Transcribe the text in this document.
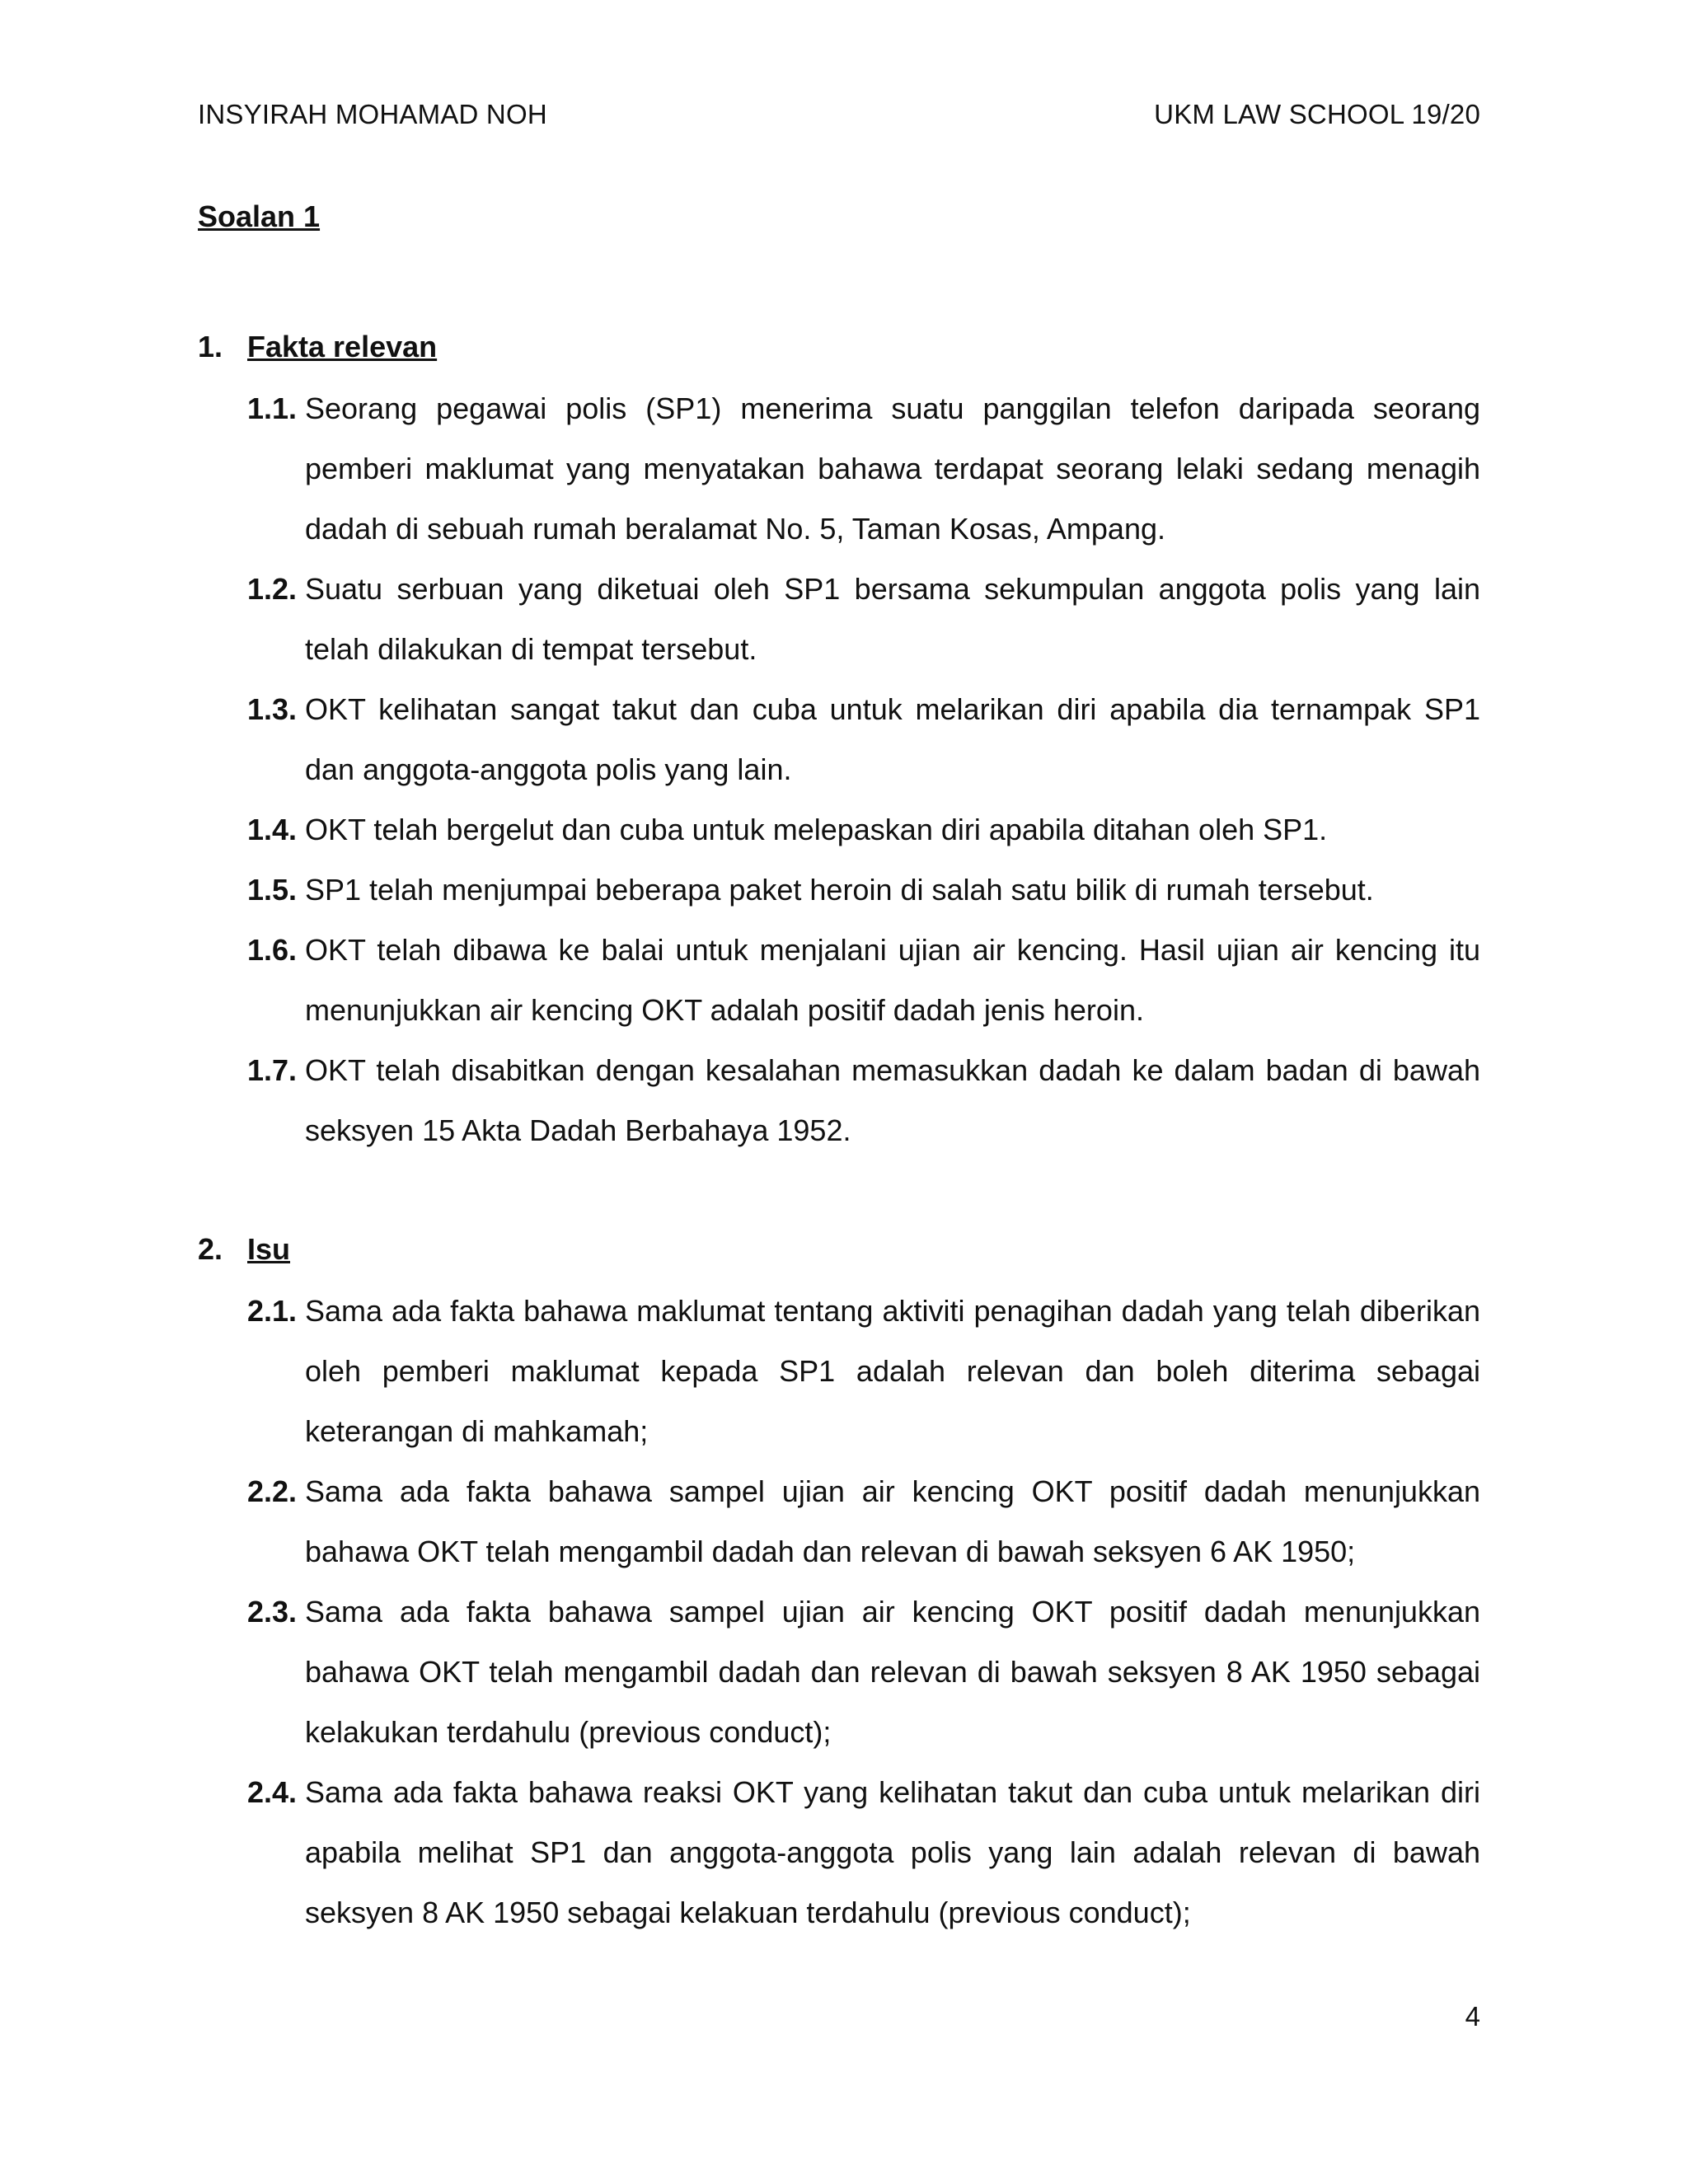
INSYIRAH MOHAMAD NOH	UKM LAW SCHOOL 19/20
Soalan 1
1. Fakta relevan
1.1. Seorang pegawai polis (SP1) menerima suatu panggilan telefon daripada seorang pemberi maklumat yang menyatakan bahawa terdapat seorang lelaki sedang menagih dadah di sebuah rumah beralamat No. 5, Taman Kosas, Ampang.
1.2. Suatu serbuan yang diketuai oleh SP1 bersama sekumpulan anggota polis yang lain telah dilakukan di tempat tersebut.
1.3. OKT kelihatan sangat takut dan cuba untuk melarikan diri apabila dia ternampak SP1 dan anggota-anggota polis yang lain.
1.4. OKT telah bergelut dan cuba untuk melepaskan diri apabila ditahan oleh SP1.
1.5. SP1 telah menjumpai beberapa paket heroin di salah satu bilik di rumah tersebut.
1.6. OKT telah dibawa ke balai untuk menjalani ujian air kencing. Hasil ujian air kencing itu menunjukkan air kencing OKT adalah positif dadah jenis heroin.
1.7. OKT telah disabitkan dengan kesalahan memasukkan dadah ke dalam badan di bawah seksyen 15 Akta Dadah Berbahaya 1952.
2. Isu
2.1. Sama ada fakta bahawa maklumat tentang aktiviti penagihan dadah yang telah diberikan oleh pemberi maklumat kepada SP1 adalah relevan dan boleh diterima sebagai keterangan di mahkamah;
2.2. Sama ada fakta bahawa sampel ujian air kencing OKT positif dadah menunjukkan bahawa OKT telah mengambil dadah dan relevan di bawah seksyen 6 AK 1950;
2.3. Sama ada fakta bahawa sampel ujian air kencing OKT positif dadah menunjukkan bahawa OKT telah mengambil dadah dan relevan di bawah seksyen 8 AK 1950 sebagai kelakukan terdahulu (previous conduct);
2.4. Sama ada fakta bahawa reaksi OKT yang kelihatan takut dan cuba untuk melarikan diri apabila melihat SP1 dan anggota-anggota polis yang lain adalah relevan di bawah seksyen 8 AK 1950 sebagai kelakuan terdahulu (previous conduct);
4
